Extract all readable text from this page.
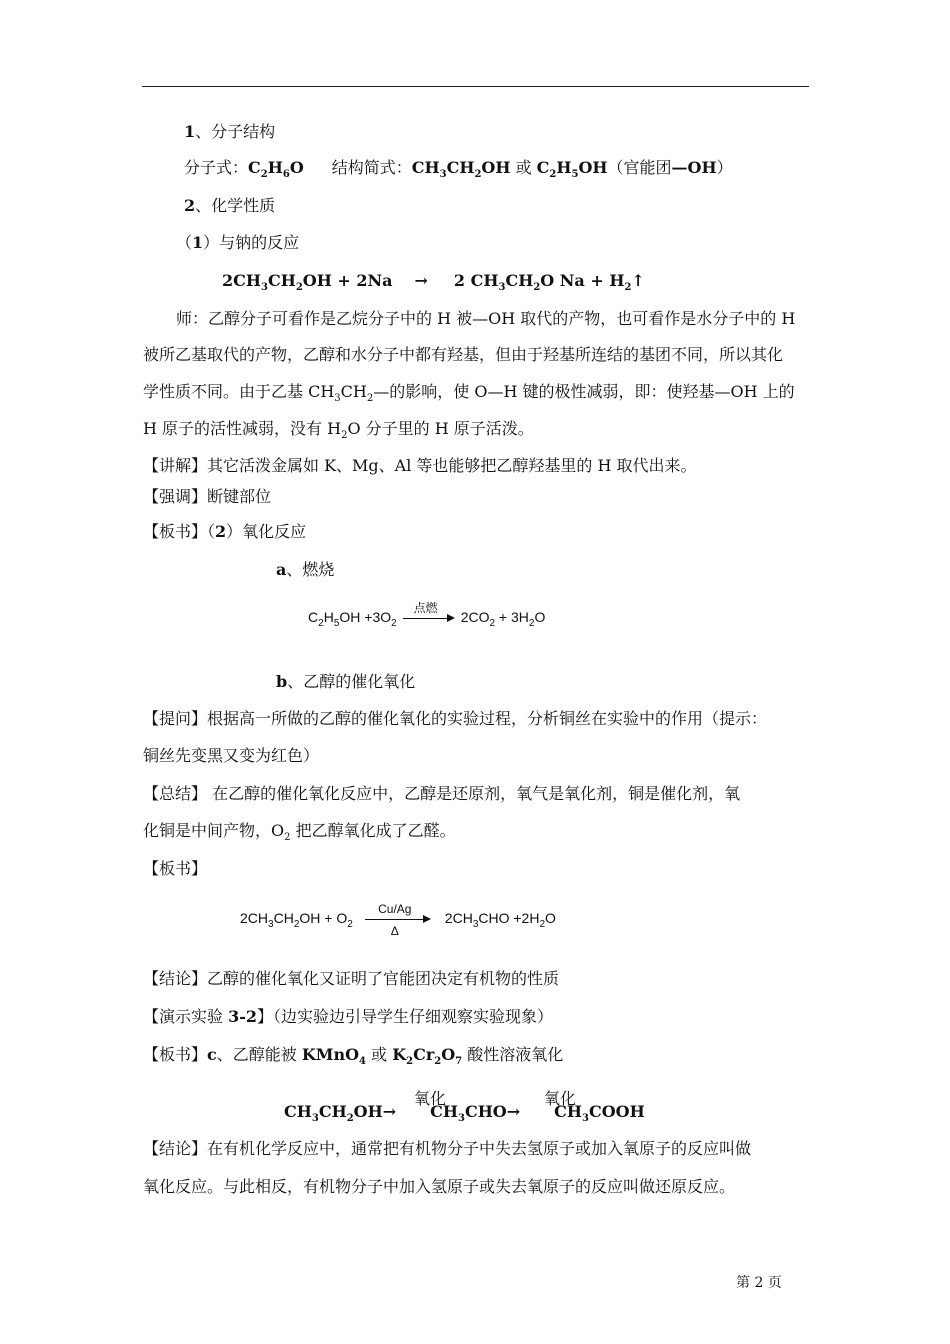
1、分子结构
分子式：$C_2H_6O$ 结构简式：$CH_3CH_2OH$ 或 $C_2H_5OH$（官能团—OH）
2、化学性质
（1）与钠的反应
$2CH_3CH_2OH + 2Na \to 2$ $CH_3CH_2O$ $Na + H_2↑$
师：乙醇分子可看作是乙烷分子中的 H 被—OH 取代的产物，也可看作是水分子中的 H
被所乙基取代的产物，乙醇和水分子中都有羟基，但由于羟基所连结的基团不同，所以其化
学性质不同。由于乙基 $CH_3CH_2—$的影响，使 O—H 键的极性减弱，即：使羟基—OH 上的
H 原子的活性减弱，没有 $H_2O$ 分子里的 H 原子活泼。
【讲解】其它活泼金属如 K、Mg、Al 等也能够把乙醇羟基里的 H 取代出来。
【强调】断键部位
【板书】（2）氧化反应
a、燃烧
$C_2H_5OH +3O_2$
点燃
$2CO_2 + 3H_2O$
b、乙醇的催化氧化
【提问】根据高一所做的乙醇的催化氧化的实验过程，分析铜丝在实验中的作用（提示：
铜丝先变黑又变为红色）
【总结】 在乙醇的催化氧化反应中，乙醇是还原剂，氧气是氧化剂，铜是催化剂，氧
化铜是中间产物，$O_2$ 把乙醇氧化成了乙醛。
【板书】
$2CH_3CH_2OH + O_2 \frac{Cu/Ag}{\Delta} 2CH_3CHO +2H_2O$
【结论】乙醇的催化氧化又证明了官能团决定有机物的性质
【演示实验 3-2】（边实验边引导学生仔细观察实验现象）
【板书】c、乙醇能被 KMnO$_4$ 或 $K_2Cr_2O_7$ 酸性溶液氧化
氧化	氧化
$CH_3CH_2OH\to CH_3CHO\to$ $CH_3COOH$
【结论】在有机化学反应中，通常把有机物分子中失去氢原子或加入氧原子的反应叫做
氧化反应。与此相反，有机物分子中加入氢原子或失去氧原子的反应叫做还原反应。
第 2 页
